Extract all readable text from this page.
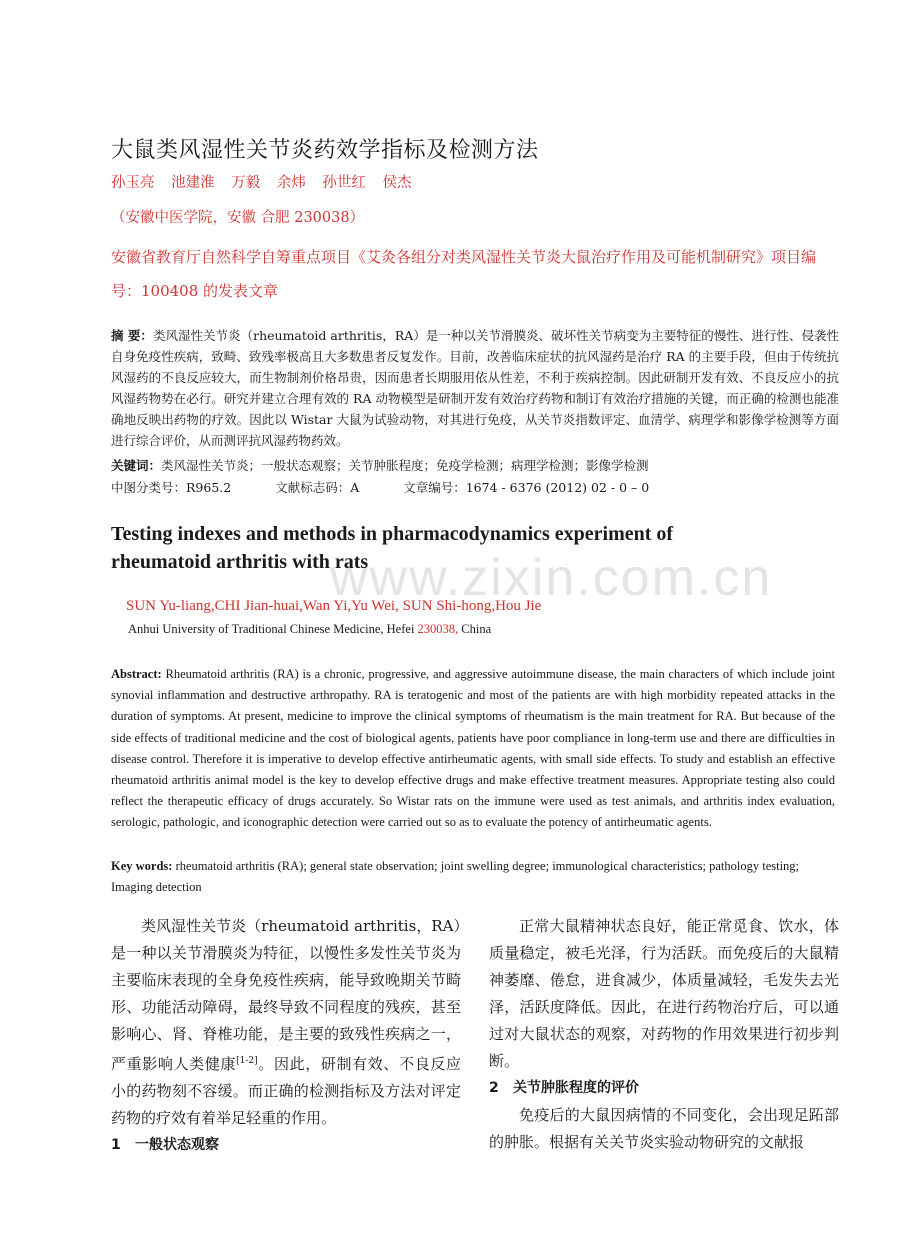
www.zixin.com.cn
大鼠类风湿性关节炎药效学指标及检测方法
孙玉亮 池建淮 万毅 余炜 孙世红 侯杰
（安徽中医学院，安徽 合肥 230038）
安徽省教育厅自然科学自筹重点项目《艾灸各组分对类风湿性关节炎大鼠治疗作用及可能机制研究》项目编号：100408 的发表文章
摘 要：类风湿性关节炎（rheumatoid arthritis，RA）是一种以关节滑膜炎、破坏性关节病变为主要特征的慢性、进行性、侵袭性自身免疫性疾病，致畸、致残率极高且大多数患者反复发作。目前，改善临床症状的抗风湿药是治疗 RA 的主要手段，但由于传统抗风湿药的不良反应较大，而生物制剂价格昂贵，因而患者长期服用依从性差，不利于疾病控制。因此研制开发有效、不良反应小的抗风湿药物势在必行。研究并建立合理有效的 RA 动物模型是研制开发有效治疗药物和制订有效治疗措施的关键，而正确的检测也能准确地反映出药物的疗效。因此以 Wistar 大鼠为试验动物，对其进行免疫，从关节炎指数评定、血清学、病理学和影像学检测等方面进行综合评价，从而测评抗风湿药物药效。
关键词：类风湿性关节炎；一般状态观察；关节肿胀程度；免疫学检测；病理学检测；影像学检测
中图分类号：R965.2	文献标志码：A	文章编号：1674 - 6376 (2012) 02 - 0 – 0
Testing indexes and methods in pharmacodynamics experiment of rheumatoid arthritis with rats
SUN Yu-liang,CHI Jian-huai,Wan Yi,Yu Wei, SUN Shi-hong,Hou Jie
Anhui University of Traditional Chinese Medicine, Hefei 230038, China
Abstract: Rheumatoid arthritis (RA) is a chronic, progressive, and aggressive autoimmune disease, the main characters of which include joint synovial inflammation and destructive arthropathy. RA is teratogenic and most of the patients are with high morbidity repeated attacks in the duration of symptoms. At present, medicine to improve the clinical symptoms of rheumatism is the main treatment for RA. But because of the side effects of traditional medicine and the cost of biological agents, patients have poor compliance in long-term use and there are difficulties in disease control. Therefore it is imperative to develop effective antirheumatic agents, with small side effects. To study and establish an effective rheumatoid arthritis animal model is the key to develop effective drugs and make effective treatment measures. Appropriate testing also could reflect the therapeutic efficacy of drugs accurately. So Wistar rats on the immune were used as test animals, and arthritis index evaluation, serologic, pathologic, and iconographic detection were carried out so as to evaluate the potency of antirheumatic agents.
Key words: rheumatoid arthritis (RA); general state observation; joint swelling degree; immunological characteristics; pathology testing; Imaging detection

类风湿性关节炎（rheumatoid arthritis，RA）是一种以关节滑膜炎为特征，以慢性多发性关节炎为主要临床表现的全身免疫性疾病，能导致晚期关节畸形、功能活动障碍，最终导致不同程度的残疾，甚至影响心、肾、脊椎功能，是主要的致残性疾病之一，严重影响人类健康[1-2]。因此，研制有效、不良反应小的药物刻不容缓。而正确的检测指标及方法对评定药物的疗效有着举足轻重的作用。

1 一般状态观察

正常大鼠精神状态良好，能正常觅食、饮水，体质量稳定，被毛光泽，行为活跃。而免疫后的大鼠精神萎靡、倦怠，进食减少，体质量减轻，毛发失去光泽，活跃度降低。因此，在进行药物治疗后，可以通过对大鼠状态的观察，对药物的作用效果进行初步判断。

2 关节肿胀程度的评价

免疫后的大鼠因病情的不同变化，会出现足跖部的肿胀。根据有关关节炎实验动物研究的文献报
